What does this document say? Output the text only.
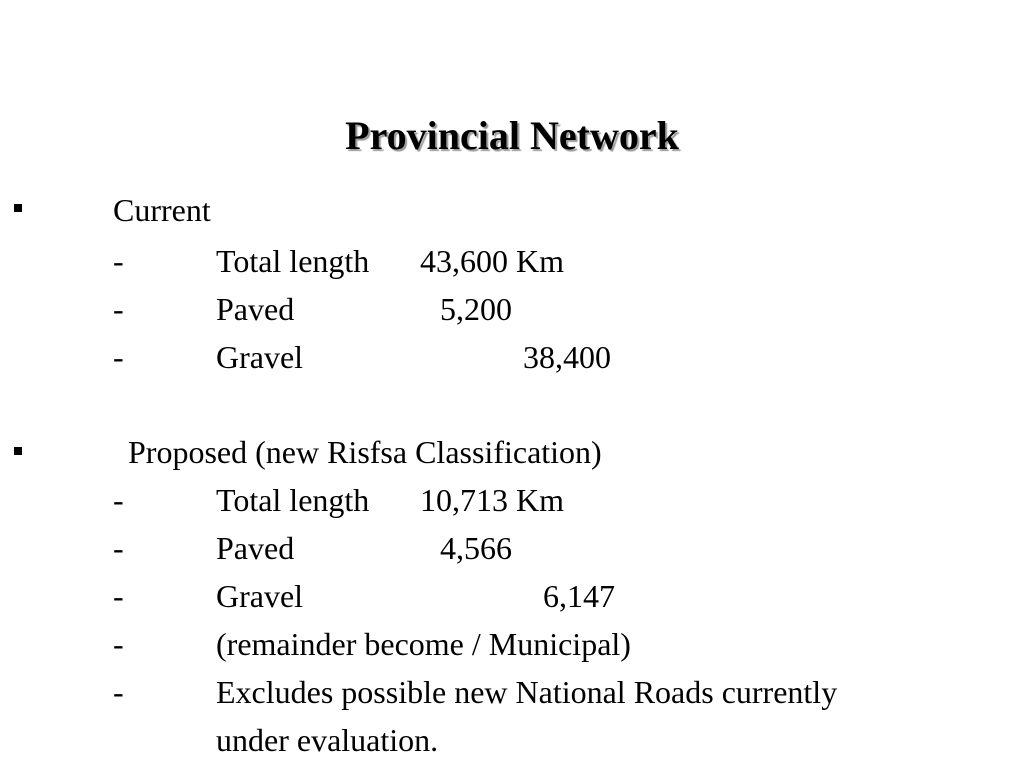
Provincial Network
Current
-	Total length 43,600 Km
-	Paved	5,200
-	Gravel	38,400
Proposed (new Risfsa Classification)
-	Total length 10,713 Km
-	Paved	4,566
-	Gravel	6,147
-	(remainder become / Municipal)
-	Excludes possible new National Roads currently
under evaluation.
